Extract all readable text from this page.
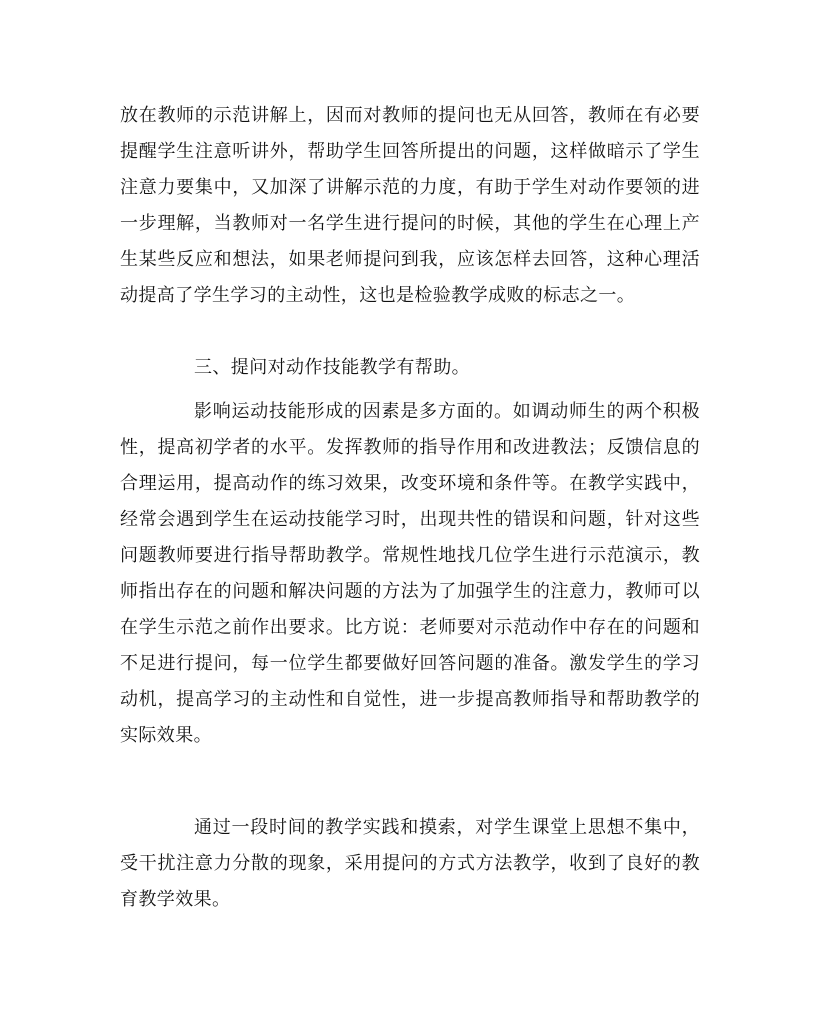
放在教师的示范讲解上，因而对教师的提问也无从回答，教师在有必要
提醒学生注意听讲外，帮助学生回答所提出的问题，这样做暗示了学生
注意力要集中，又加深了讲解示范的力度，有助于学生对动作要领的进
一步理解，当教师对一名学生进行提问的时候，其他的学生在心理上产
生某些反应和想法，如果老师提问到我，应该怎样去回答，这种心理活
动提高了学生学习的主动性，这也是检验教学成败的标志之一。
三、提问对动作技能教学有帮助。
影响运动技能形成的因素是多方面的。如调动师生的两个积极
性，提高初学者的水平。发挥教师的指导作用和改进教法；反馈信息的
合理运用，提高动作的练习效果，改变环境和条件等。在教学实践中，
经常会遇到学生在运动技能学习时，出现共性的错误和问题，针对这些
问题教师要进行指导帮助教学。常规性地找几位学生进行示范演示，教
师指出存在的问题和解决问题的方法为了加强学生的注意力，教师可以
在学生示范之前作出要求。比方说：老师要对示范动作中存在的问题和
不足进行提问，每一位学生都要做好回答问题的准备。激发学生的学习
动机，提高学习的主动性和自觉性，进一步提高教师指导和帮助教学的
实际效果。
通过一段时间的教学实践和摸索，对学生课堂上思想不集中，
受干扰注意力分散的现象，采用提问的方式方法教学，收到了良好的教
育教学效果。
